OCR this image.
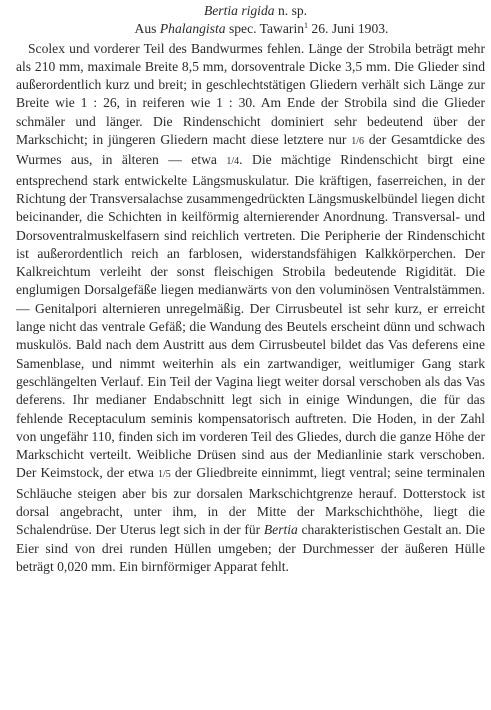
Bertia rigida n. sp.

Aus Phalangista spec. Tawarin$^1$ 26. Juni 1903.

Scolex und vorderer Teil des Bandwurmes fehlen. Länge der Strobila beträgt mehr als 210 mm, maximale Breite 8,5 mm, dorsoventrale Dicke 3,5 mm. Die Glieder sind außerordentlich kurz und breit; in geschlechtstätigen Gliedern verhält sich Länge zur Breite wie 1 : 26, in reiferen wie 1 : 30. Am Ende der Strobila sind die Glieder schmäler und länger. Die Rindenschicht dominiert sehr bedeutend über der Markschicht; in jüngeren Gliedern macht diese letztere nur 1/6 der Gesamtdicke des Wurmes aus, in älteren — etwa 1/4. Die mächtige Rindenschicht birgt eine entsprechend stark entwickelte Längsmuskulatur. Die kräftigen, faserreichen, in der Richtung der Transversalachse zusammengedrückten Längsmuskelbündel liegen dicht beicinander, die Schichten in keilförmig alternierender Anordnung. Transversal- und Dorsoventralmuskelfasern sind reichlich vertreten. Die Peripherie der Rindenschicht ist außerordentlich reich an farblosen, widerstandsfähigen Kalkkörperchen. Der Kalkreichtum verleiht der sonst fleischigen Strobila bedeutende Rigidität. Die englumigen Dorsalgefäße liegen medianwärts von den voluminösen Ventralstämmen. — Genitalpori alternieren unregelmäßig. Der Cirrusbeutel ist sehr kurz, er erreicht lange nicht das ventrale Gefäß; die Wandung des Beutels erscheint dünn und schwach muskulös. Bald nach dem Austritt aus dem Cirrusbeutel bildet das Vas deferens eine Samenblase, und nimmt weiterhin als ein zartwandiger, weitlumiger Gang stark geschlängelten Verlauf. Ein Teil der Vagina liegt weiter dorsal verschoben als das Vas deferens. Ihr medianer Endabschnitt legt sich in einige Windungen, die für das fehlende Receptaculum seminis kompensatorisch auftreten. Die Hoden, in der Zahl von ungefähr 110, finden sich im vorderen Teil des Gliedes, durch die ganze Höhe der Markschicht verteilt. Weibliche Drüsen sind aus der Medianlinie stark verschoben. Der Keimstock, der etwa 1/5 der Gliedbreite einnimmt, liegt ventral; seine terminalen Schläuche steigen aber bis zur dorsalen Markschichtgrenze herauf. Dotterstock ist dorsal angebracht, unter ihm, in der Mitte der Markschichthöhe, liegt die Schalendrüse. Der Uterus legt sich in der für Bertia charakteristischen Gestalt an. Die Eier sind von drei runden Hüllen umgeben; der Durchmesser der äußeren Hülle beträgt 0,020 mm. Ein birnförmiger Apparat fehlt.
